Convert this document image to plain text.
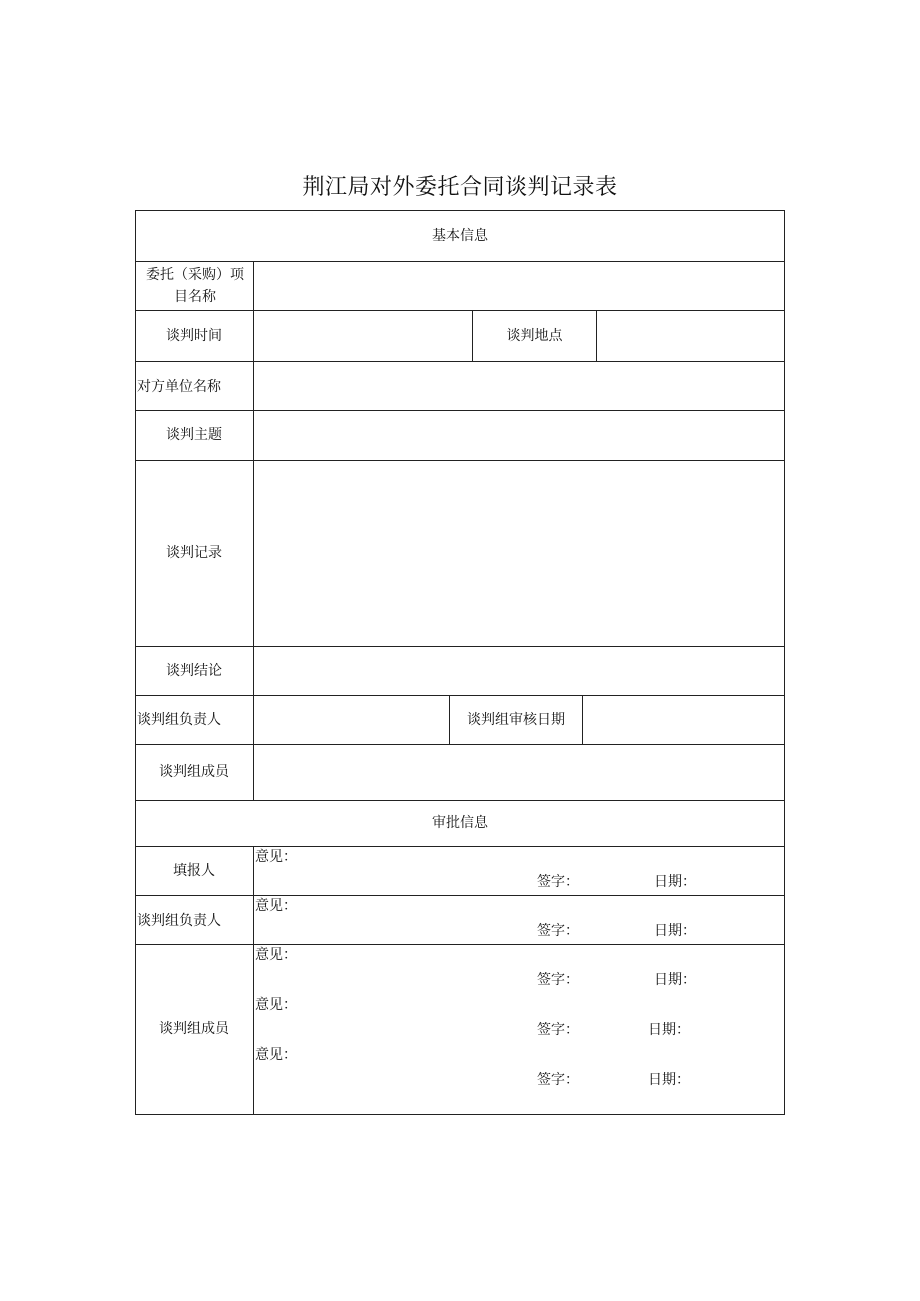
荆江局对外委托合同谈判记录表
基本信息
委托（采购）项目名称
谈判时间	谈判地点
对方单位名称
谈判主题
谈判记录
谈判结论
谈判组负责人	谈判组审核日期
谈判组成员
审批信息
填报人
意见：
签字：	日期：
谈判组负责人
意见：
签字：	日期：
谈判组成员
意见：
签字：	日期：
意见：
签字：	日期：
意见：
签字：	日期：
